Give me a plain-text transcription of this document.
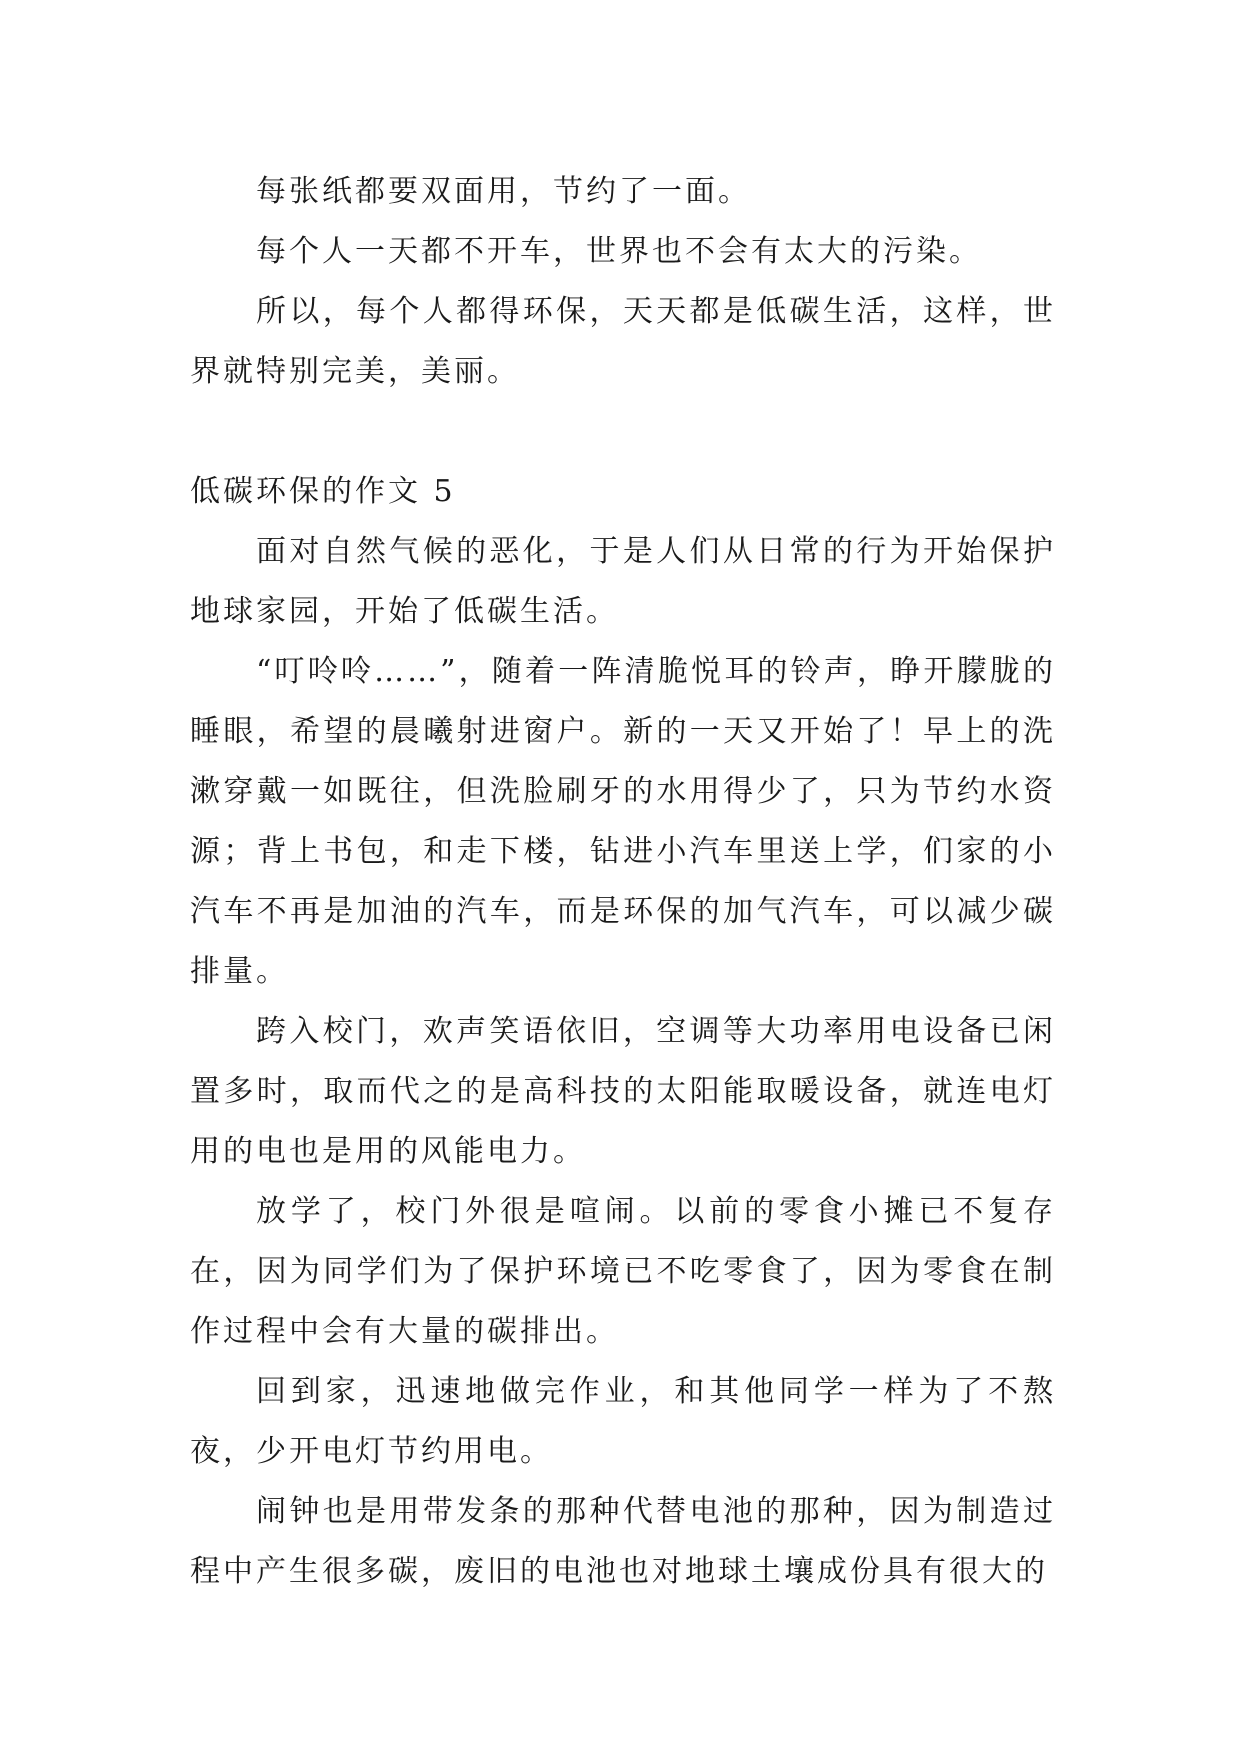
每张纸都要双面用，节约了一面。

每个人一天都不开车，世界也不会有太大的污染。

所以，每个人都得环保，天天都是低碳生活，这样，世界就特别完美，美丽。

低碳环保的作文 5

面对自然气候的恶化，于是人们从日常的行为开始保护地球家园，开始了低碳生活。

“叮呤呤……”，随着一阵清脆悦耳的铃声，睁开朦胧的睡眼，希望的晨曦射进窗户。新的一天又开始了！早上的洗漱穿戴一如既往，但洗脸刷牙的水用得少了，只为节约水资源；背上书包，和走下楼，钻进小汽车里送上学，们家的小汽车不再是加油的汽车，而是环保的加气汽车，可以减少碳排量。

跨入校门，欢声笑语依旧，空调等大功率用电设备已闲置多时，取而代之的是高科技的太阳能取暖设备，就连电灯用的电也是用的风能电力。

放学了，校门外很是喧闹。以前的零食小摊已不复存在，因为同学们为了保护环境已不吃零食了，因为零食在制作过程中会有大量的碳排出。

回到家，迅速地做完作业，和其他同学一样为了不熬夜，少开电灯节约用电。

闹钟也是用带发条的那种代替电池的那种，因为制造过程中产生很多碳，废旧的电池也对地球土壤成份具有很大的
